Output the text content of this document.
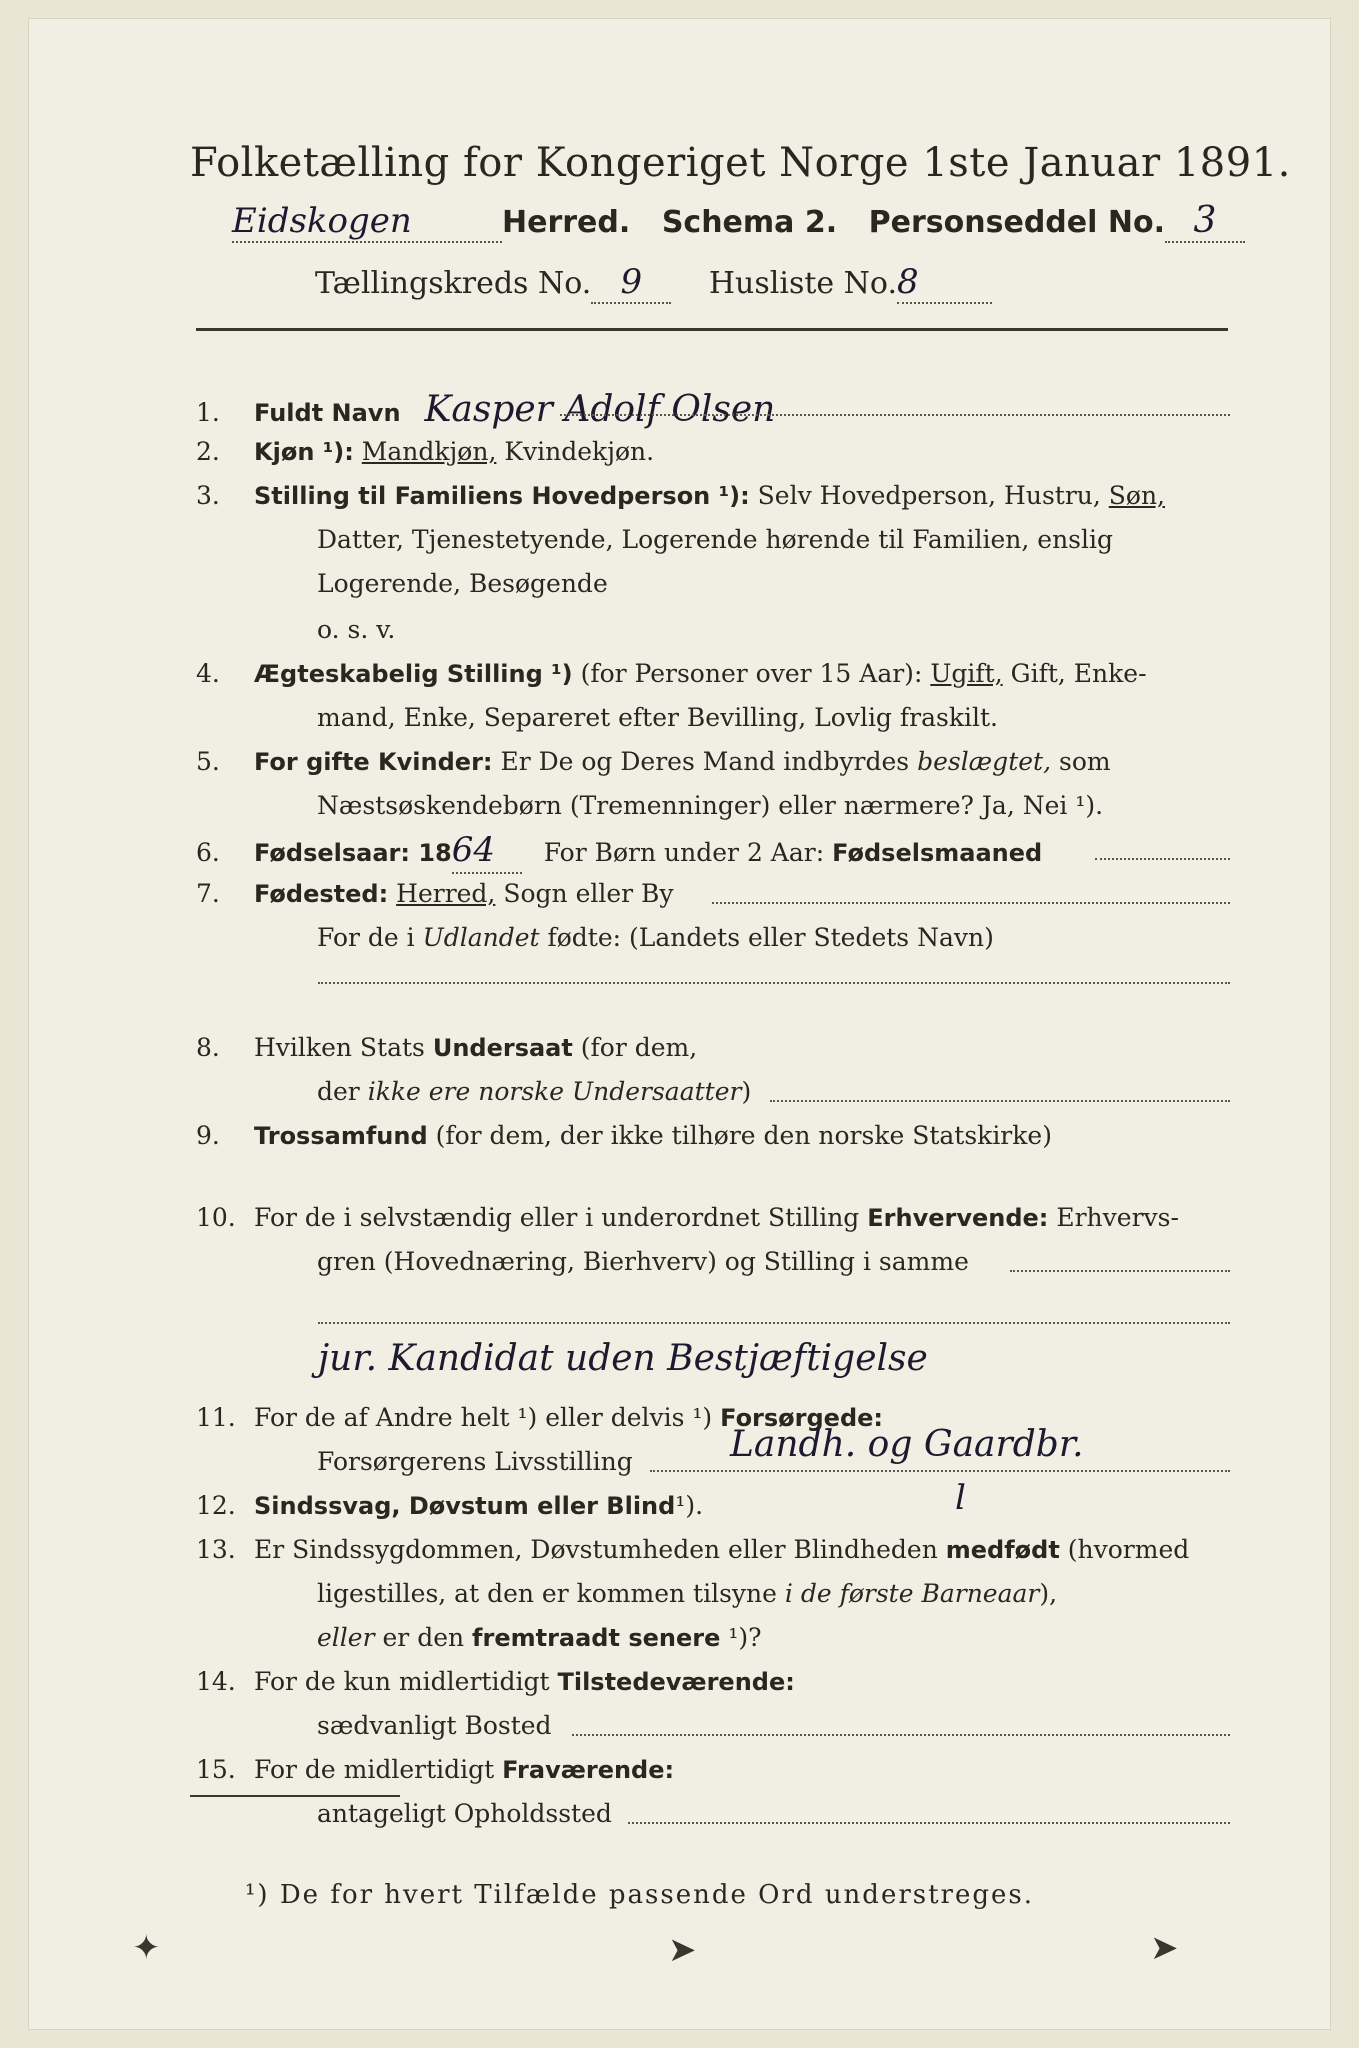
Folketælling for Kongeriget Norge 1ste Januar 1891.
Eidskogen	Herred. Schema 2. Personseddel No. 3
Tællingskreds No. 9 Husliste No.8
1. Fuldt Navn Kasper Adolf Olsen
2. Kjøn ¹): Mandkjøn, Kvindekjøn.
3. Stilling til Familiens Hovedperson ¹): Selv Hovedperson, Hustru, Søn,
Datter, Tjenestetyende, Logerende hørende til Familien, enslig
Logerende, Besøgende
o. s. v.
4. Ægteskabelig Stilling ¹) (for Personer over 15 Aar): Ugift, Gift, Enke-
mand, Enke, Separeret efter Bevilling, Lovlig fraskilt.
5. For gifte Kvinder: Er De og Deres Mand indbyrdes beslægtet, som
Næstsøskendebørn (Tremenninger) eller nærmere? Ja, Nei ¹).
6. Fødselsaar: 1864 For Børn under 2 Aar: Fødselsmaaned
7. Fødested: Herred, Sogn eller By
For de i Udlandet fødte: (Landets eller Stedets Navn)
8. Hvilken Stats Undersaat (for dem,
der ikke ere norske Undersaatter)
9. Trossamfund (for dem, der ikke tilhøre den norske Statskirke)
10. For de i selvstændig eller i underordnet Stilling Erhvervende: Erhvervs-
gren (Hovednæring, Bierhverv) og Stilling i samme
jur. Kandidat uden Bestjæftigelse
11. For de af Andre helt ¹) eller delvis ¹) Forsørgede:
Forsørgerens Livsstilling	Landh. og Gaardbr.
12. Sindssvag, Døvstum eller Blind¹).	l
13. Er Sindssygdommen, Døvstumheden eller Blindheden medfødt (hvormed
ligestilles, at den er kommen tilsyne i de første Barneaar),
eller er den fremtraadt senere ¹)?
14. For de kun midlertidigt Tilstedeværende:
sædvanligt Bosted
15. For de midlertidigt Fraværende:
antageligt Opholdssted
¹) De for hvert Tilfælde passende Ord understreges.
✦	➤	➤
